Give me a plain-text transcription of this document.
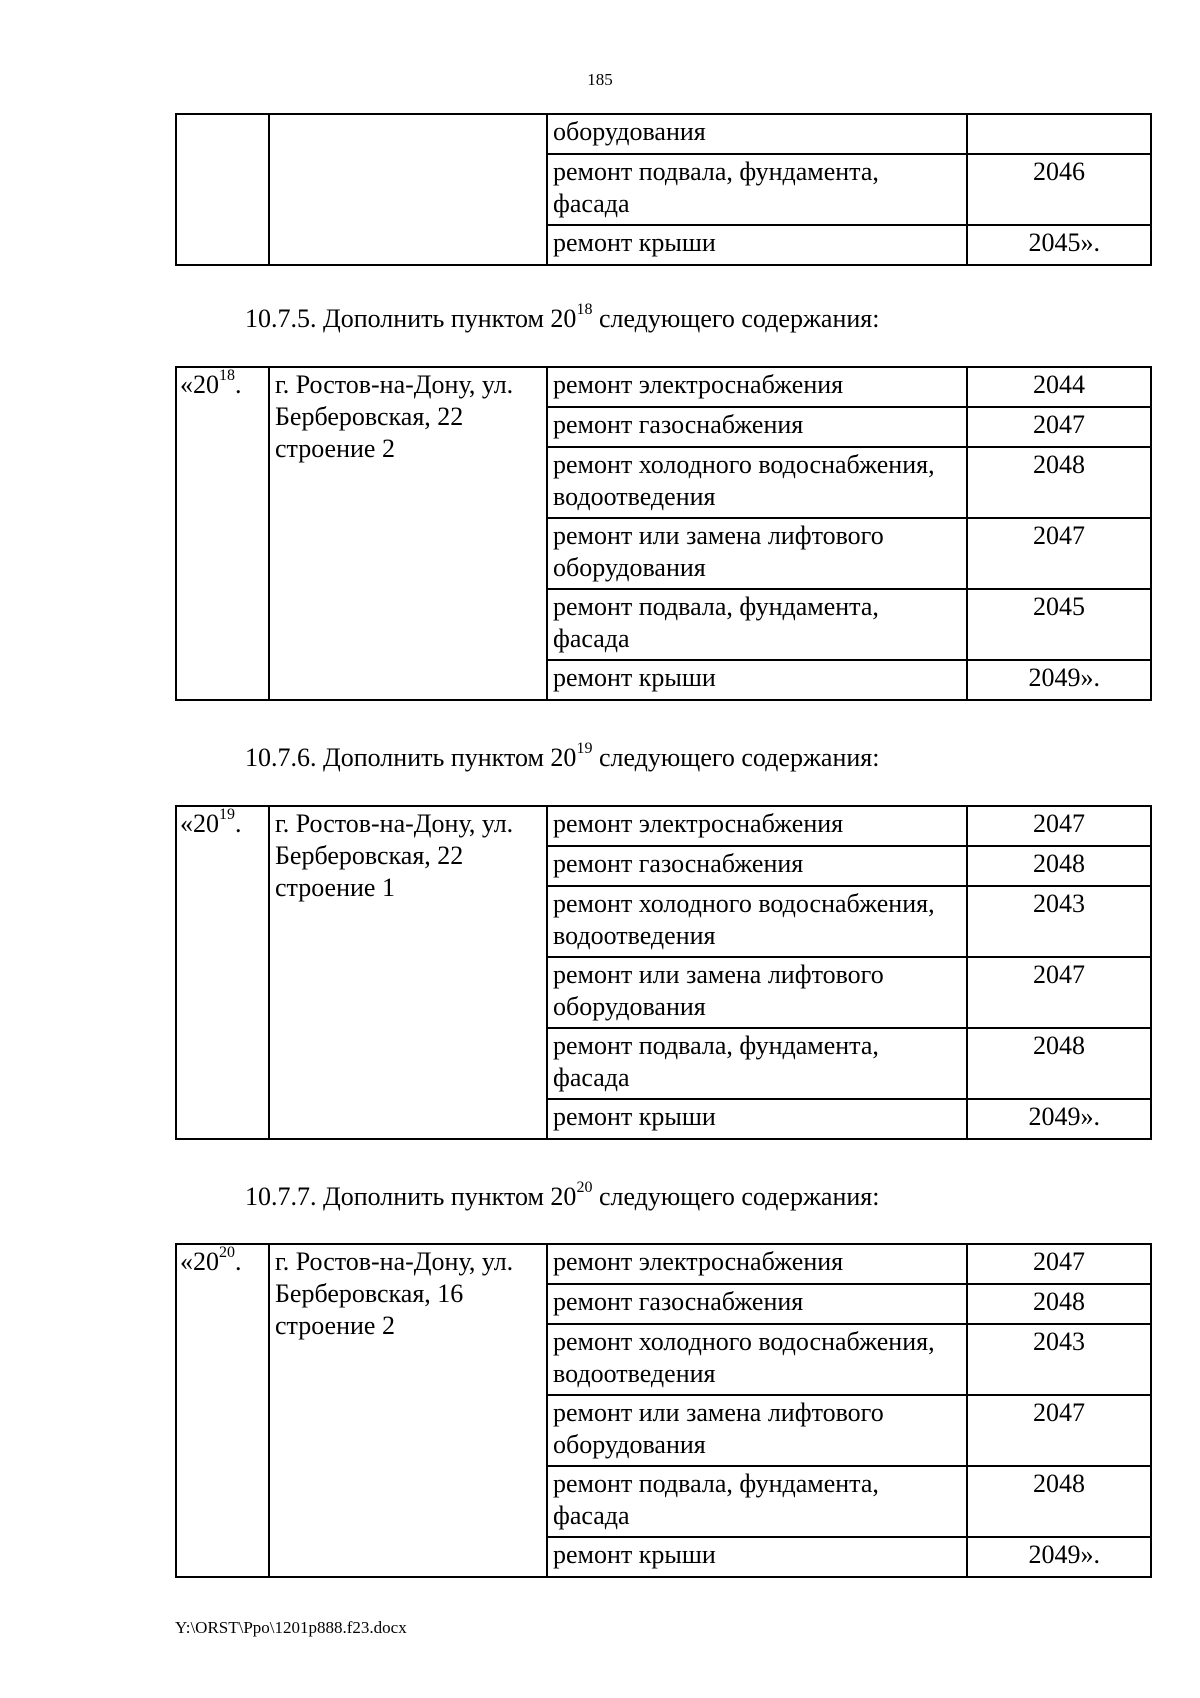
185
		оборудования	
		ремонт подвала, фундамента, фасада	2046
		ремонт крыши	2045».
10.7.5. Дополнить пунктом $20^{18}$ следующего содержания:
«$20^{18}$.	г. Ростов-на-Дону, ул. Берберовская, 22 строение 2	ремонт электроснабжения	2044
		ремонт газоснабжения	2047
		ремонт холодного водоснабжения, водоотведения	2048
		ремонт или замена лифтового оборудования	2047
		ремонт подвала, фундамента, фасада	2045
		ремонт крыши	2049».
10.7.6. Дополнить пунктом $20^{19}$ следующего содержания:
«$20^{19}$.	г. Ростов-на-Дону, ул. Берберовская, 22 строение 1	ремонт электроснабжения	2047
		ремонт газоснабжения	2048
		ремонт холодного водоснабжения, водоотведения	2043
		ремонт или замена лифтового оборудования	2047
		ремонт подвала, фундамента, фасада	2048
		ремонт крыши	2049».
10.7.7. Дополнить пунктом $20^{20}$ следующего содержания:
«$20^{20}$.	г. Ростов-на-Дону, ул. Берберовская, 16 строение 2	ремонт электроснабжения	2047
		ремонт газоснабжения	2048
		ремонт холодного водоснабжения, водоотведения	2043
		ремонт или замена лифтового оборудования	2047
		ремонт подвала, фундамента, фасада	2048
		ремонт крыши	2049».
Y:\ORST\Ppo\1201p888.f23.docx
